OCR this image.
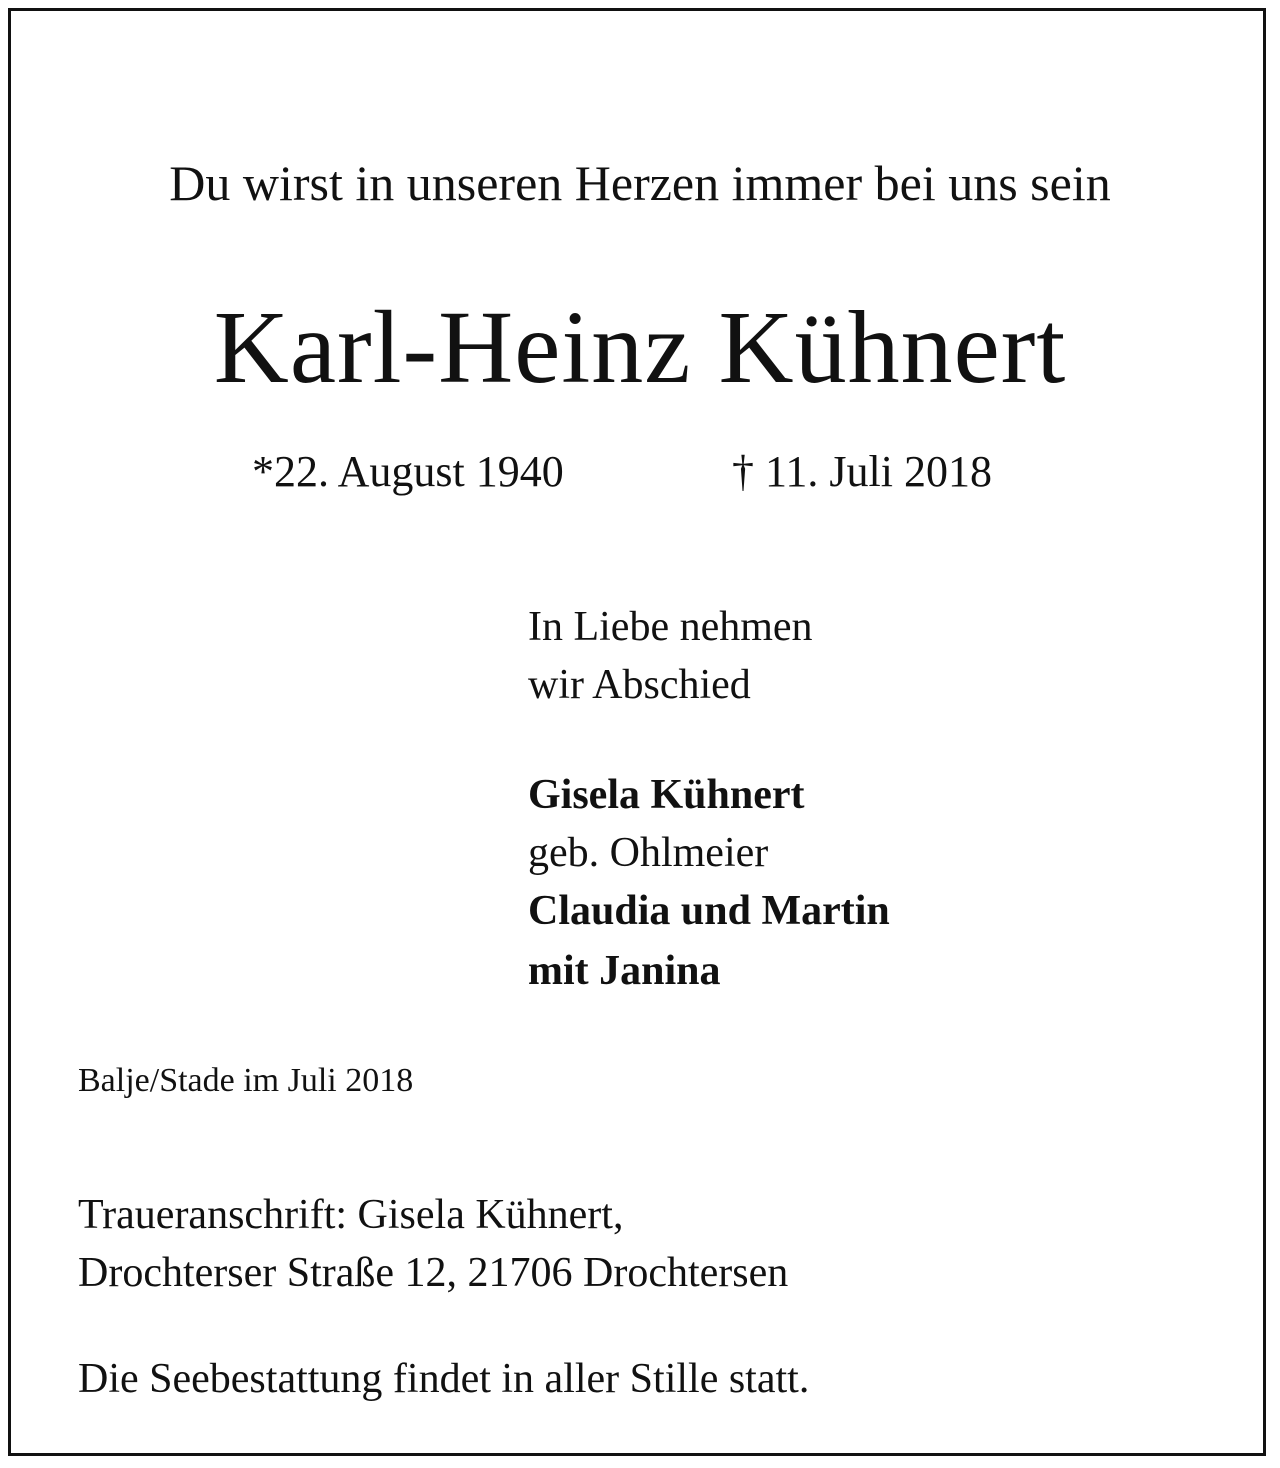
Du wirst in unseren Herzen immer bei uns sein
Karl-Heinz Kühnert
*22. August 1940	† 11. Juli 2018
In Liebe nehmen
wir Abschied
Gisela Kühnert
geb. Ohlmeier
Claudia und Martin
mit Janina
Balje/Stade im Juli 2018
Traueranschrift: Gisela Kühnert,
Drochterser Straße 12, 21706 Drochtersen
Die Seebestattung findet in aller Stille statt.
